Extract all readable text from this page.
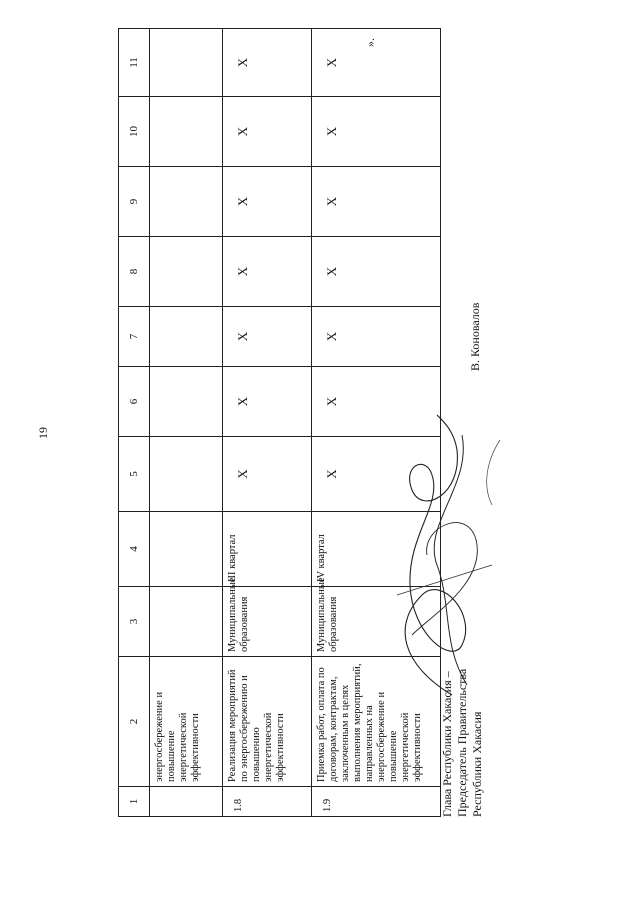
19
».
1	2	3	4	5	6	7	8	9	10	11
	энергосбережение и повышение энергетической эффективности									
1.8	Реализация мероприятий по энергосбережению и повышению энергетической эффективности	Муниципальные образования	III квартал	X	X	X	X	X	X	X
1.9	Приемка работ, оплата по договорам, контрактам, заключенным в целях выполнения мероприятий, направленных на энергосбережение и повышение энергетической эффективности	Муниципальные образования	IV квартал	X	X	X	X	X	X	X
Глава Республики Хакасия – Председатель Правительства Республики Хакасия
В. Коновалов
